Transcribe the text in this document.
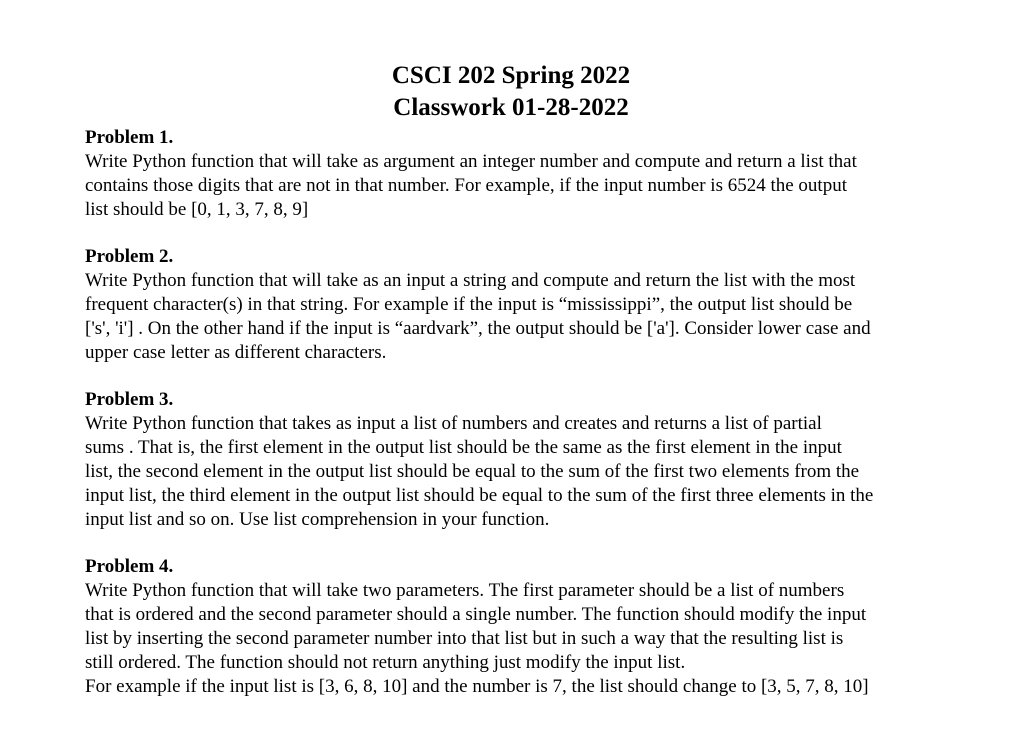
CSCI 202 Spring 2022
Classwork 01-28-2022

Problem 1.

Write Python function that will take as argument an integer number and compute and return a list that

contains those digits that are not in that number. For example, if the input number is 6524 the output

list should be [0, 1, 3, 7, 8, 9]

Problem 2.

Write Python function that will take as an input a string and compute and return the list with the most

frequent character(s) in that string. For example if the input is “mississippi”, the output list should be

['s', 'i'] . On the other hand if the input is “aardvark”, the output should be ['a']. Consider lower case and

upper case letter as different characters.

Problem 3.

Write Python function that takes as input a list of numbers and creates and returns a list of partial

sums . That is, the first element in the output list should be the same as the first element in the input

list, the second element in the output list should be equal to the sum of the first two elements from the

input list, the third element in the output list should be equal to the sum of the first three elements in the

input list and so on. Use list comprehension in your function.

Problem 4.

Write Python function that will take two parameters. The first parameter should be a list of numbers

that is ordered and the second parameter should a single number. The function should modify the input

list by inserting the second parameter number into that list but in such a way that the resulting list is

still ordered. The function should not return anything just modify the input list.

For example if the input list is [3, 6, 8, 10] and the number is 7, the list should change to [3, 5, 7, 8, 10]
